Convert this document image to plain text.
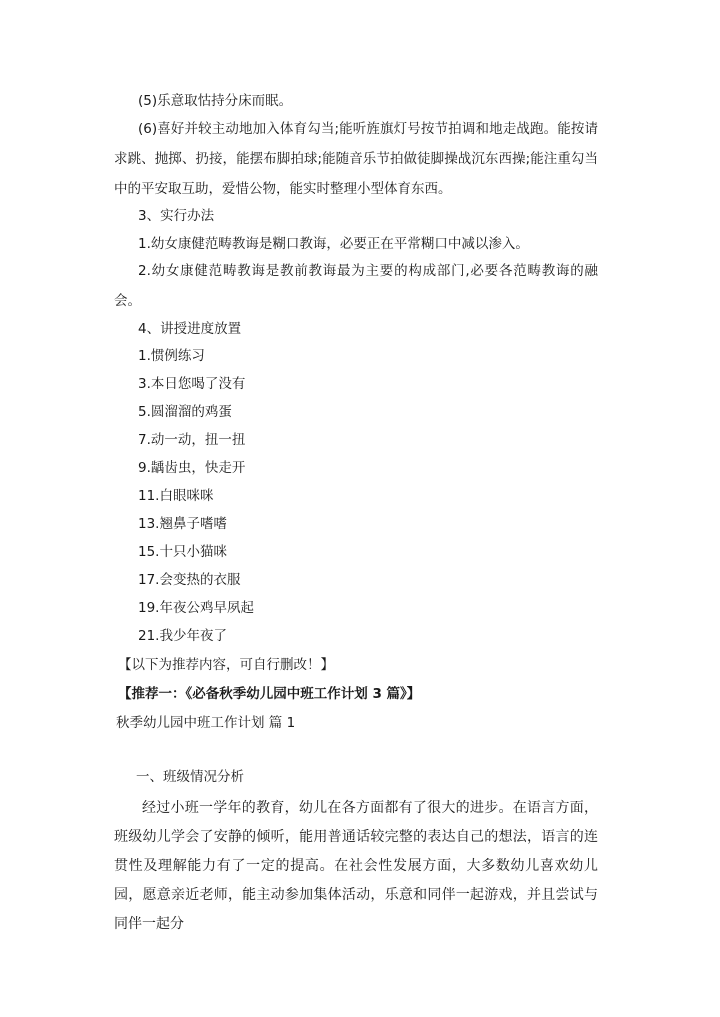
(5)乐意取怙持分床而眠。
(6)喜好并较主动地加入体育勾当;能听旌旗灯号按节拍调和地走战跑。能按请求跳、抛掷、扔接，能摆布脚拍球;能随音乐节拍做徒脚操战沉东西操;能注重勾当中的平安取互助，爱惜公物，能实时整理小型体育东西。
3、实行办法
1.幼女康健范畴教诲是糊口教诲，必要正在平常糊口中减以渗入。
2.幼女康健范畴教诲是教前教诲最为主要的构成部门,必要各范畴教诲的融会。
4、讲授进度放置
1.惯例练习
3.本日您喝了没有
5.圆溜溜的鸡蛋
7.动一动，扭一扭
9.龋齿虫，快走开
11.白眼咪咪
13.翘鼻子嗜嗜
15.十只小猫咪
17.会变热的衣服
19.年夜公鸡早夙起
21.我少年夜了
【以下为推荐内容，可自行删改！】
【推荐一：《必备秋季幼儿园中班工作计划 3 篇》】
秋季幼儿园中班工作计划 篇 1
一、班级情况分析
经过小班一学年的教育，幼儿在各方面都有了很大的进步。在语言方面，班级幼儿学会了安静的倾听，能用普通话较完整的表达自己的想法，语言的连贯性及理解能力有了一定的提高。在社会性发展方面，大多数幼儿喜欢幼儿园，愿意亲近老师，能主动参加集体活动，乐意和同伴一起游戏，并且尝试与同伴一起分
